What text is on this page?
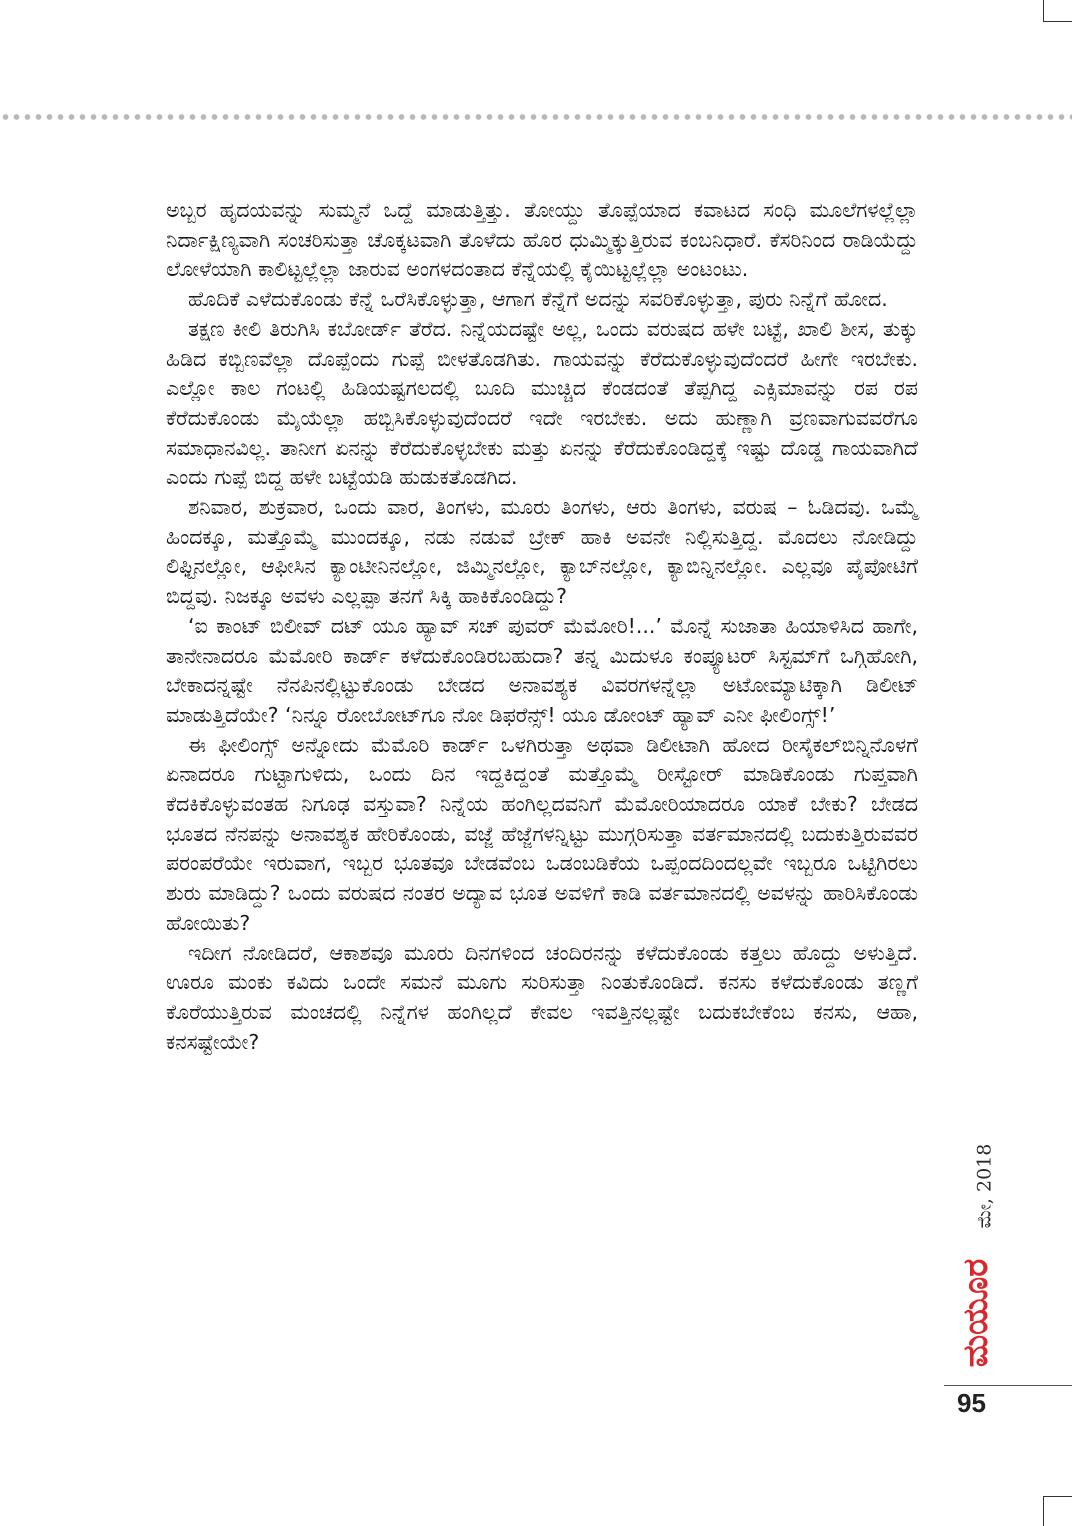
ಅಬ್ಬರ ಹೃದಯವನ್ನು ಸುಮ್ಮನೆ ಒದ್ದೆ ಮಾಡುತ್ತಿತ್ತು. ತೋಯ್ದು ತೊಪ್ಪೆಯಾದ ಕವಾಟದ ಸಂಧಿ ಮೂಲೆಗಳಲ್ಲೆಲ್ಲಾ ನಿರ್ದಾಕ್ಷಿಣ್ಯವಾಗಿ ಸಂಚರಿಸುತ್ತಾ ಚೊಕ್ಕಟವಾಗಿ ತೊಳೆದು ಹೊರ ಧುಮ್ಮಿಕ್ಕುತ್ತಿರುವ ಕಂಬನಿಧಾರೆ. ಕೆಸರಿನಿಂದ ರಾಡಿಯೆದ್ದು ಲೋಳೆಯಾಗಿ ಕಾಲಿಟ್ಟಲ್ಲೆಲ್ಲಾ ಜಾರುವ ಅಂಗಳದಂತಾದ ಕೆನ್ನೆಯಲ್ಲಿ ಕೈಯಿಟ್ಟಲ್ಲೆಲ್ಲಾ ಅಂಟಂಟು.

ಹೊದಿಕೆ ಎಳೆದುಕೊಂಡು ಕೆನ್ನೆ ಒರೆಸಿಕೊಳ್ಳುತ್ತಾ, ಆಗಾಗ ಕೆನ್ನೆಗೆ ಅದನ್ನು ಸವರಿಕೊಳ್ಳುತ್ತಾ, ಪುರು ನಿನ್ನೆಗೆ ಹೋದ.

ತಕ್ಷಣ ಕೀಲಿ ತಿರುಗಿಸಿ ಕಬೋರ್ಡ್ ತೆರೆದ. ನಿನ್ನೆಯದಷ್ಟೇ ಅಲ್ಲ, ಒಂದು ವರುಷದ ಹಳೇ ಬಟ್ಟೆ, ಖಾಲಿ ಶೀಸ, ತುಕ್ಕು ಹಿಡಿದ ಕಬ್ಬಿಣವೆಲ್ಲಾ ದೊಪ್ಪೆಂದು ಗುಪ್ಪೆ ಬೀಳತೊಡಗಿತು. ಗಾಯವನ್ನು ಕೆರೆದುಕೊಳ್ಳುವುದೆಂದರೆ ಹೀಗೇ ಇರಬೇಕು. ಎಲ್ಲೋ ಕಾಲ ಗಂಟಲ್ಲಿ ಹಿಡಿಯಷ್ಟಗಲದಲ್ಲಿ ಬೂದಿ ಮುಚ್ಚಿದ ಕೆಂಡದಂತೆ ತೆಪ್ಪಗಿದ್ದ ಎಕ್ಸಿಮಾವನ್ನು ರಪ ರಪ ಕೆರೆದುಕೊಂಡು ಮೈಯೆಲ್ಲಾ ಹಬ್ಬಿಸಿಕೊಳ್ಳುವುದೆಂದರೆ ಇದೇ ಇರಬೇಕು. ಅದು ಹುಣ್ಣಾಗಿ ವ್ರಣವಾಗುವವರೆಗೂ ಸಮಾಧಾನವಿಲ್ಲ. ತಾನೀಗ ಏನನ್ನು ಕೆರೆದುಕೊಳ್ಳಬೇಕು ಮತ್ತು ಏನನ್ನು ಕೆರೆದುಕೊಂಡಿದ್ದಕ್ಕೆ ಇಷ್ಟು ದೊಡ್ಡ ಗಾಯವಾಗಿದೆ ಎಂದು ಗುಪ್ಪೆ ಬಿದ್ದ ಹಳೇ ಬಟ್ಟೆಯಡಿ ಹುಡುಕತೊಡಗಿದ.

ಶನಿವಾರ, ಶುಕ್ರವಾರ, ಒಂದು ವಾರ, ತಿಂಗಳು, ಮೂರು ತಿಂಗಳು, ಆರು ತಿಂಗಳು, ವರುಷ – ಓಡಿದವು. ಒಮ್ಮೆ ಹಿಂದಕ್ಕೂ, ಮತ್ತೊಮ್ಮೆ ಮುಂದಕ್ಕೂ, ನಡು ನಡುವೆ ಬ್ರೇಕ್ ಹಾಕಿ ಅವನೇ ನಿಲ್ಲಿಸುತ್ತಿದ್ದ. ಮೊದಲು ನೋಡಿದ್ದು ಲಿಫ್ಟಿನಲ್ಲೋ, ಆಫೀಸಿನ ಕ್ಯಾಂಟೀನಿನಲ್ಲೋ, ಜಿಮ್ಮಿನಲ್ಲೋ, ಕ್ಯಾಬ್‌ನಲ್ಲೋ, ಕ್ಯಾಬಿನ್ನಿನಲ್ಲೋ. ಎಲ್ಲವೂ ಪೈಪೋಟಿಗೆ ಬಿದ್ದವು. ನಿಜಕ್ಕೂ ಅವಳು ಎಲ್ಲಪ್ಪಾ ತನಗೆ ಸಿಕ್ಕಿ ಹಾಕಿಕೊಂಡಿದ್ದು?

‘ಐ ಕಾಂಟ್ ಬಿಲೀವ್ ದಟ್ ಯೂ ಹ್ಯಾವ್ ಸಚ್ ಪುವರ್ ಮೆಮೋರಿ!...’ ಮೊನ್ನೆ ಸುಜಾತಾ ಹಿಯಾಳಿಸಿದ ಹಾಗೇ, ತಾನೇನಾದರೂ ಮೆಮೋರಿ ಕಾರ್ಡ್ ಕಳೆದುಕೊಂಡಿರಬಹುದಾ? ತನ್ನ ಮಿದುಳೂ ಕಂಪ್ಯೂಟರ್ ಸಿಸ್ಟಮ್‌ಗೆ ಒಗ್ಗಿಹೋಗಿ, ಬೇಕಾದನ್ನಷ್ಟೇ ನೆನಪಿನಲ್ಲಿಟ್ಟುಕೊಂಡು ಬೇಡದ ಅನಾವಶ್ಯಕ ವಿವರಗಳನ್ನೆಲ್ಲಾ ಅಟೋಮ್ಯಾಟಿಕ್ಕಾಗಿ ಡಿಲೀಟ್ ಮಾಡುತ್ತಿದೆಯೇ? ‘ನಿನ್ನೂ ರೋಬೋಟ್‌ಗೂ ನೋ ಡಿಫರೆನ್ಸ್! ಯೂ ಡೋಂಟ್ ಹ್ಯಾವ್ ಎನೀ ಫೀಲಿಂಗ್ಸ್!’

ಈ ಫೀಲಿಂಗ್ಸ್ ಅನ್ನೋದು ಮೆಮೊರಿ ಕಾರ್ಡ್ ಒಳಗಿರುತ್ತಾ ಅಥವಾ ಡಿಲೀಟಾಗಿ ಹೋದ ರೀಸೈಕಲ್‌ಬಿನ್ನಿನೊಳಗೆ ಏನಾದರೂ ಗುಟ್ಟಾಗುಳಿದು, ಒಂದು ದಿನ ಇದ್ದಕಿದ್ದಂತೆ ಮತ್ತೊಮ್ಮೆ ರೀಸ್ಟೋರ್ ಮಾಡಿಕೊಂಡು ಗುಪ್ತವಾಗಿ ಕೆದಕಿಕೊಳ್ಳುವಂತಹ ನಿಗೂಢ ವಸ್ತುವಾ? ನಿನ್ನೆಯ ಹಂಗಿಲ್ಲದವನಿಗೆ ಮೆಮೋರಿಯಾದರೂ ಯಾಕೆ ಬೇಕು? ಬೇಡದ ಭೂತದ ನೆನಪನ್ನು ಅನಾವಶ್ಯಕ ಹೇರಿಕೊಂಡು, ವಜ್ಜೆ ಹೆಜ್ಜೆಗಳನ್ನಿಟ್ಟು ಮುಗ್ಗರಿಸುತ್ತಾ ವರ್ತಮಾನದಲ್ಲಿ ಬದುಕುತ್ತಿರುವವರ ಪರಂಪರೆಯೇ ಇರುವಾಗ, ಇಬ್ಬರ ಭೂತವೂ ಬೇಡವೆಂಬ ಒಡಂಬಡಿಕೆಯ ಒಪ್ಪಂದದಿಂದಲ್ಲವೇ ಇಬ್ಬರೂ ಒಟ್ಟಿಗಿರಲು ಶುರು ಮಾಡಿದ್ದು? ಒಂದು ವರುಷದ ನಂತರ ಅದ್ಯಾವ ಭೂತ ಅವಳಿಗೆ ಕಾಡಿ ವರ್ತಮಾನದಲ್ಲಿ ಅವಳನ್ನು ಹಾರಿಸಿಕೊಂಡು ಹೋಯಿತು?

ಇದೀಗ ನೋಡಿದರೆ, ಆಕಾಶವೂ ಮೂರು ದಿನಗಳಿಂದ ಚಂದಿರನನ್ನು ಕಳೆದುಕೊಂಡು ಕತ್ತಲು ಹೊದ್ದು ಅಳುತ್ತಿದೆ. ಊರೂ ಮಂಕು ಕವಿದು ಒಂದೇ ಸಮನೆ ಮೂಗು ಸುರಿಸುತ್ತಾ ನಿಂತುಕೊಂಡಿದೆ. ಕನಸು ಕಳೆದುಕೊಂಡು ತಣ್ಣಗೆ ಕೊರೆಯುತ್ತಿರುವ ಮಂಚದಲ್ಲಿ ನಿನ್ನೆಗಳ ಹಂಗಿಲ್ಲದೆ ಕೇವಲ ಇವತ್ತಿನಲ್ಲಷ್ಟೇ ಬದುಕಬೇಕೆಂಬ ಕನಸು, ಆಹಾ, ಕನಸಷ್ಟೇಯೇ?

ಮೇ, 2018
ಮಯೂರ
95
